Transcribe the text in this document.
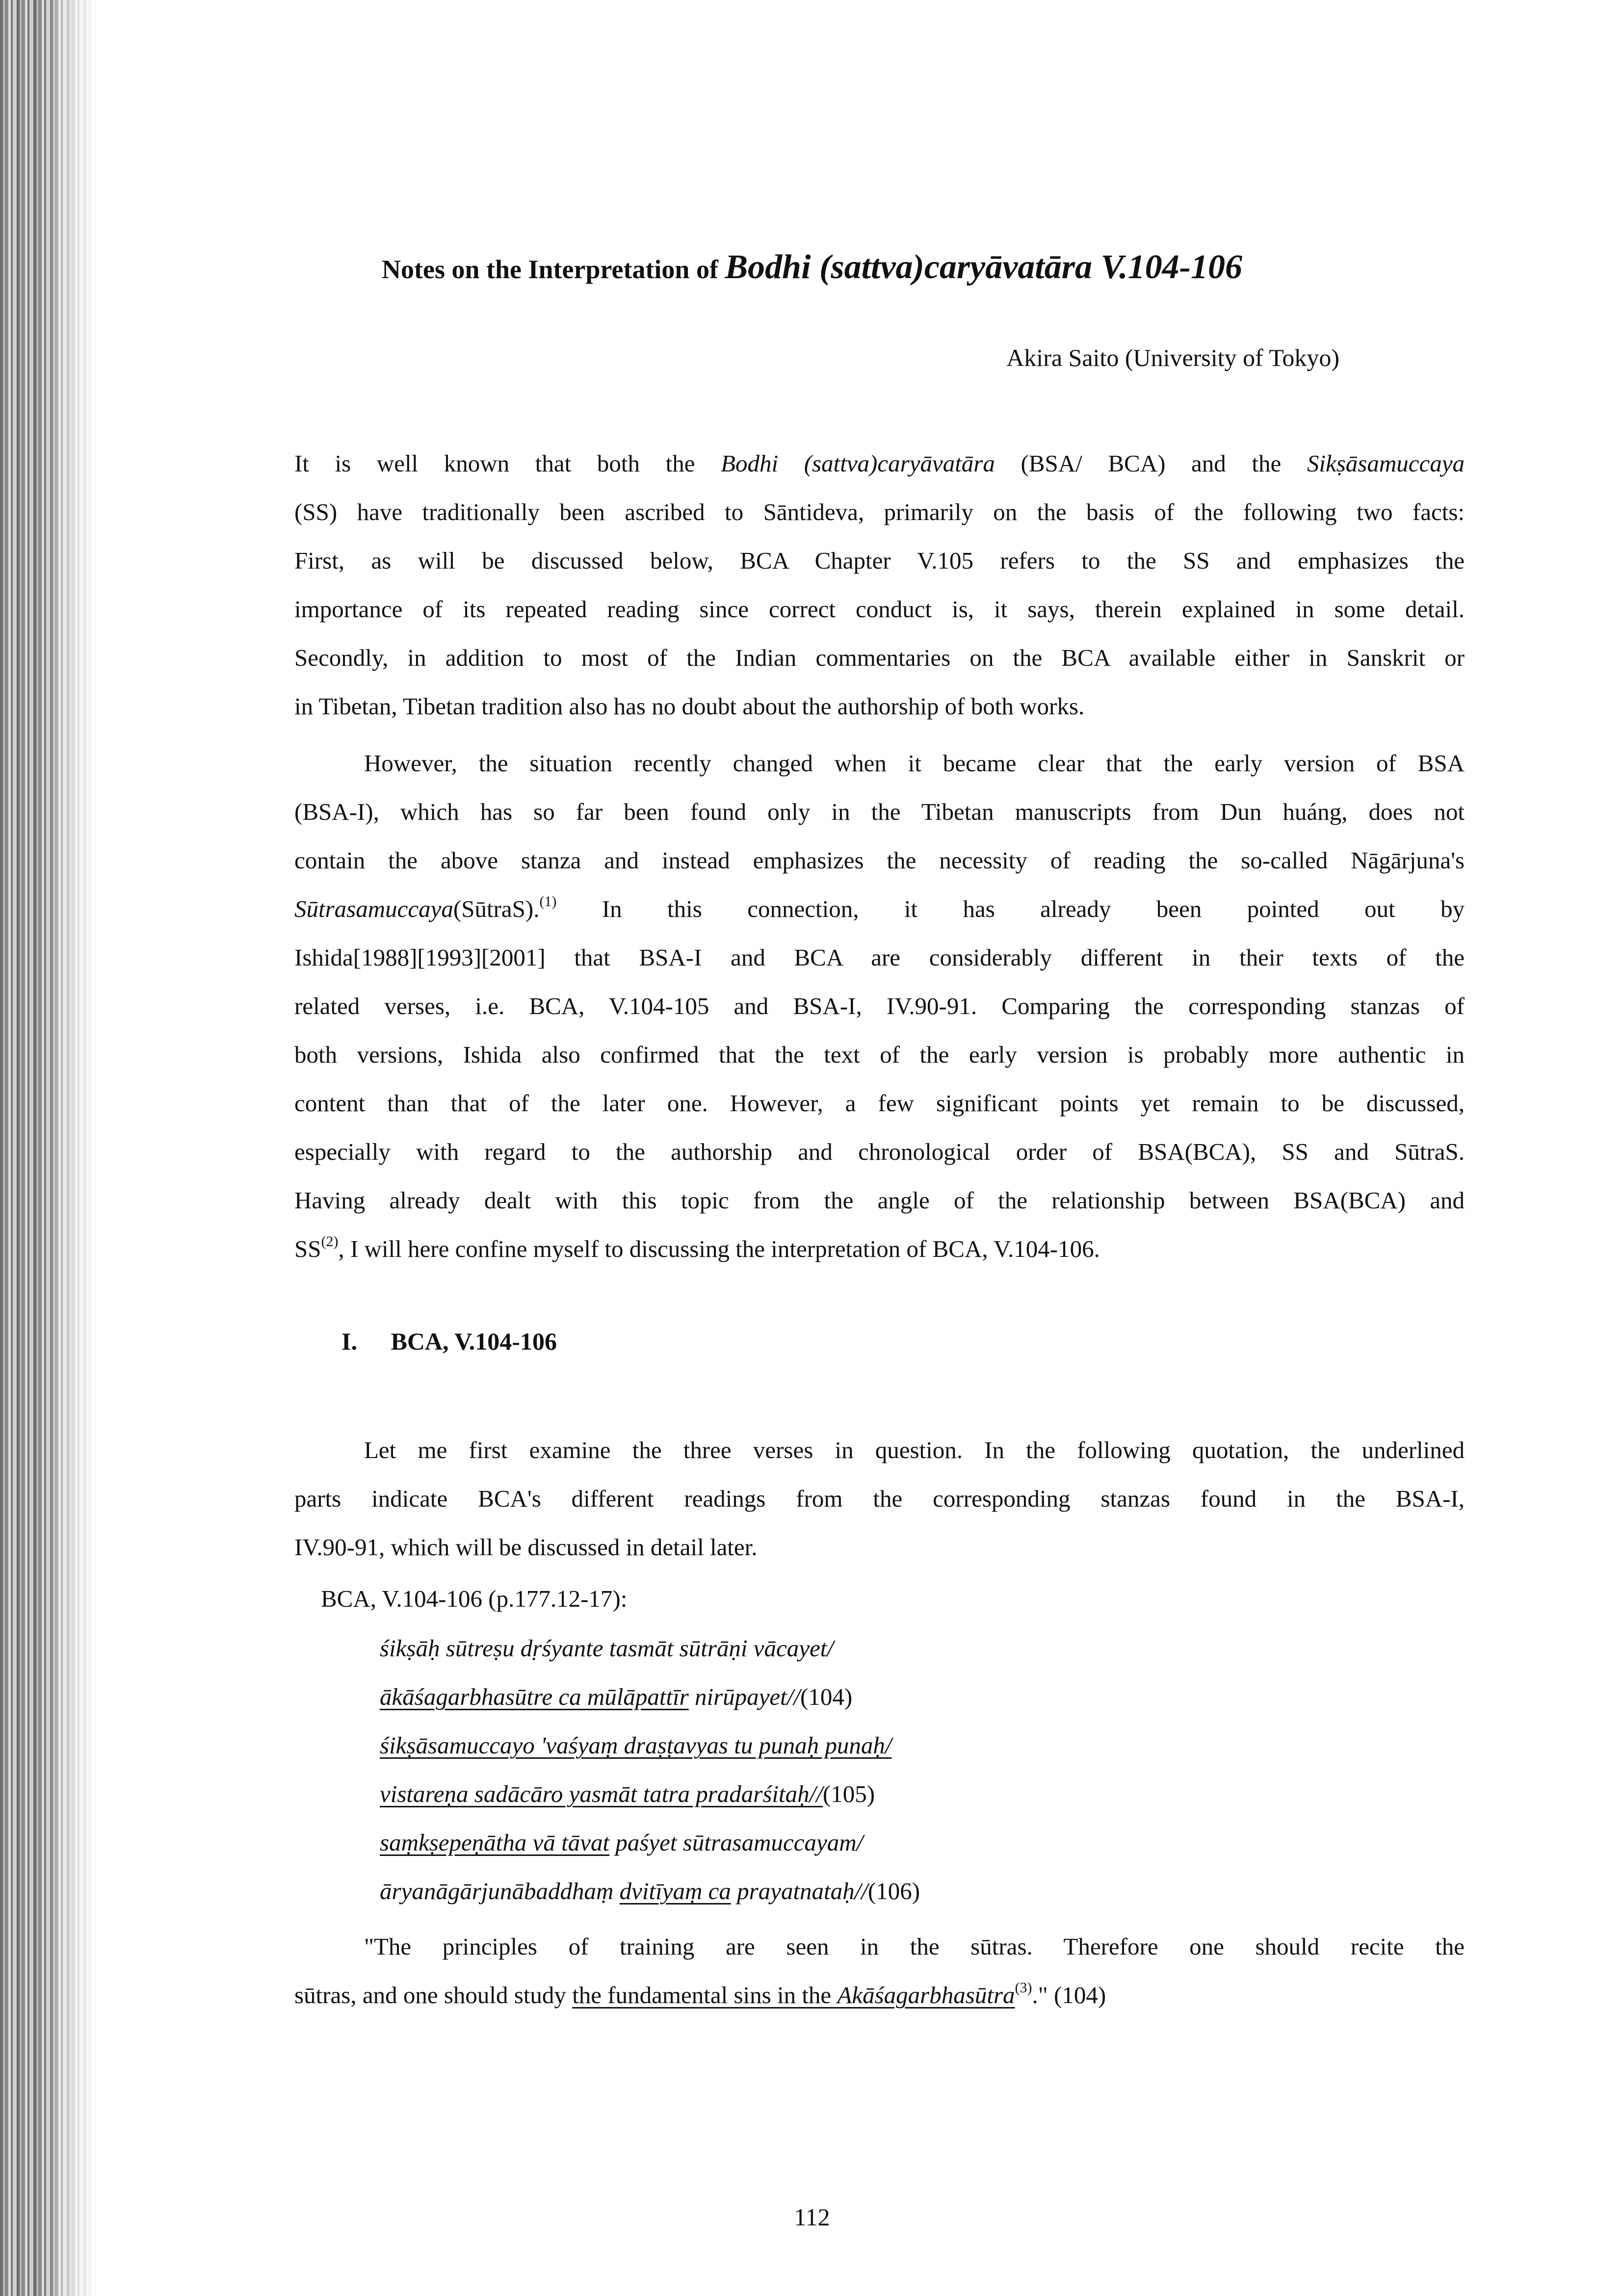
Notes on the Interpretation of Bodhi (sattva)caryāvatāra V.104-106
Akira Saito (University of Tokyo)
It is well known that both the Bodhi (sattva)caryāvatāra (BSA/ BCA) and the Sikṣāsamuccaya
(SS) have traditionally been ascribed to Sāntideva, primarily on the basis of the following two facts:
First, as will be discussed below, BCA Chapter V.105 refers to the SS and emphasizes the
importance of its repeated reading since correct conduct is, it says, therein explained in some detail.
Secondly, in addition to most of the Indian commentaries on the BCA available either in Sanskrit or
in Tibetan, Tibetan tradition also has no doubt about the authorship of both works.
However, the situation recently changed when it became clear that the early version of BSA
(BSA-I), which has so far been found only in the Tibetan manuscripts from Dun huáng, does not
contain the above stanza and instead emphasizes the necessity of reading the so-called Nāgārjuna's
Sūtrasamuccaya(SūtraS).$^{(1)}$ In this connection, it has already been pointed out by
Ishida[1988][1993][2001] that BSA-I and BCA are considerably different in their texts of the
related verses, i.e. BCA, V.104-105 and BSA-I, IV.90-91. Comparing the corresponding stanzas of
both versions, Ishida also confirmed that the text of the early version is probably more authentic in
content than that of the later one. However, a few significant points yet remain to be discussed,
especially with regard to the authorship and chronological order of BSA(BCA), SS and SūtraS.
Having already dealt with this topic from the angle of the relationship between BSA(BCA) and
SS$^{(2)}$, I will here confine myself to discussing the interpretation of BCA, V.104-106.
I. BCA, V.104-106
Let me first examine the three verses in question. In the following quotation, the underlined
parts indicate BCA's different readings from the corresponding stanzas found in the BSA-I,
IV.90-91, which will be discussed in detail later.
BCA, V.104-106 (p.177.12-17):
śikṣāḥ sūtreṣu dṛśyante tasmāt sūtrāṇi vācayet/
ākāśagarbhasūtre ca mūlāpattīr nirūpayet//(104)
śikṣāsamuccayo 'vaśyaṃ draṣṭavyas tu punaḥ punaḥ/
vistareṇa sadācāro yasmāt tatra pradarśitaḥ//(105)
saṃkṣepeṇātha vā tāvat paśyet sūtrasamuccayam/
āryanāgārjunābaddhaṃ dvitīyaṃ ca prayatnataḥ//(106)
"The principles of training are seen in the sūtras. Therefore one should recite the
sūtras, and one should study the fundamental sins in the Akāśagarbhasūtra$^{(3)}$." (104)
112
